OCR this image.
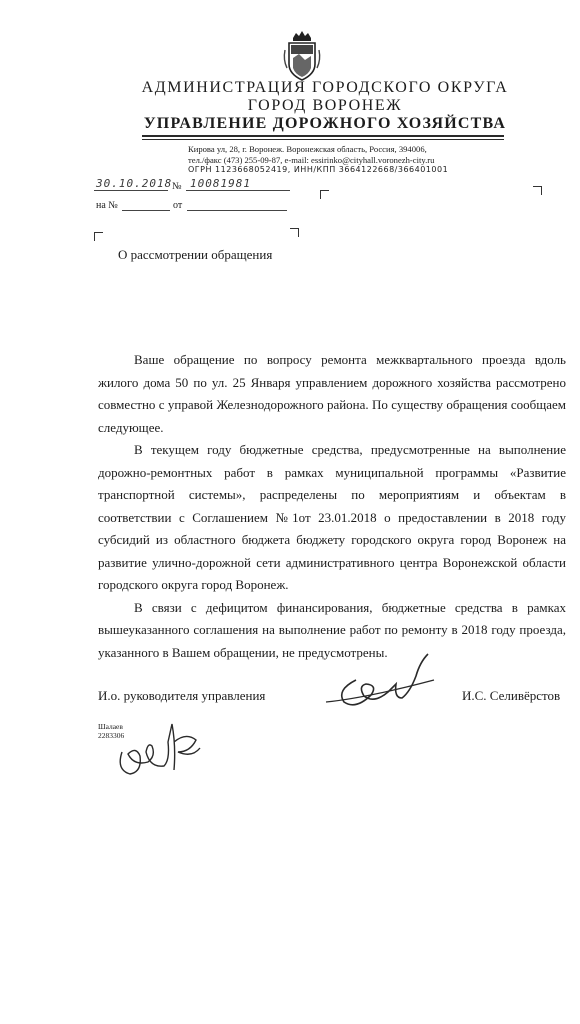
АДМИНИСТРАЦИЯ ГОРОДСКОГО ОКРУГА
ГОРОД ВОРОНЕЖ
УПРАВЛЕНИЕ ДОРОЖНОГО ХОЗЯЙСТВА
Кирова ул, 28, г. Воронеж. Воронежская область, Россия, 394006,
тел./факс (473) 255-09-87, e-mail: essirinko@cityhall.voronezh-city.ru
ОГРН 1123668052419, ИНН/КПП 3664122668/366401001
30.10.2018 № 10081981
на №	от
О рассмотрении обращения

Ваше обращение по вопросу ремонта межквартального проезда вдоль жилого дома 50 по ул. 25 Января управлением дорожного хозяйства рассмотрено совместно с управой Железнодорожного района. По существу обращения сообщаем следующее.

В текущем году бюджетные средства, предусмотренные на выполнение дорожно-ремонтных работ в рамках муниципальной программы «Развитие транспортной системы», распределены по мероприятиям и объектам в соответствии с Соглашением №1от 23.01.2018 о предоставлении в 2018 году субсидий из областного бюджета бюджету городского округа город Воронеж на развитие улично-дорожной сети административного центра Воронежской области городского округа город Воронеж.

В связи с дефицитом финансирования, бюджетные средства в рамках вышеуказанного соглашения на выполнение работ по ремонту в 2018 году проезда, указанного в Вашем обращении, не предусмотрены.

И.о. руководителя управления	И.С. Селивёрстов
Шалаев
2283306
